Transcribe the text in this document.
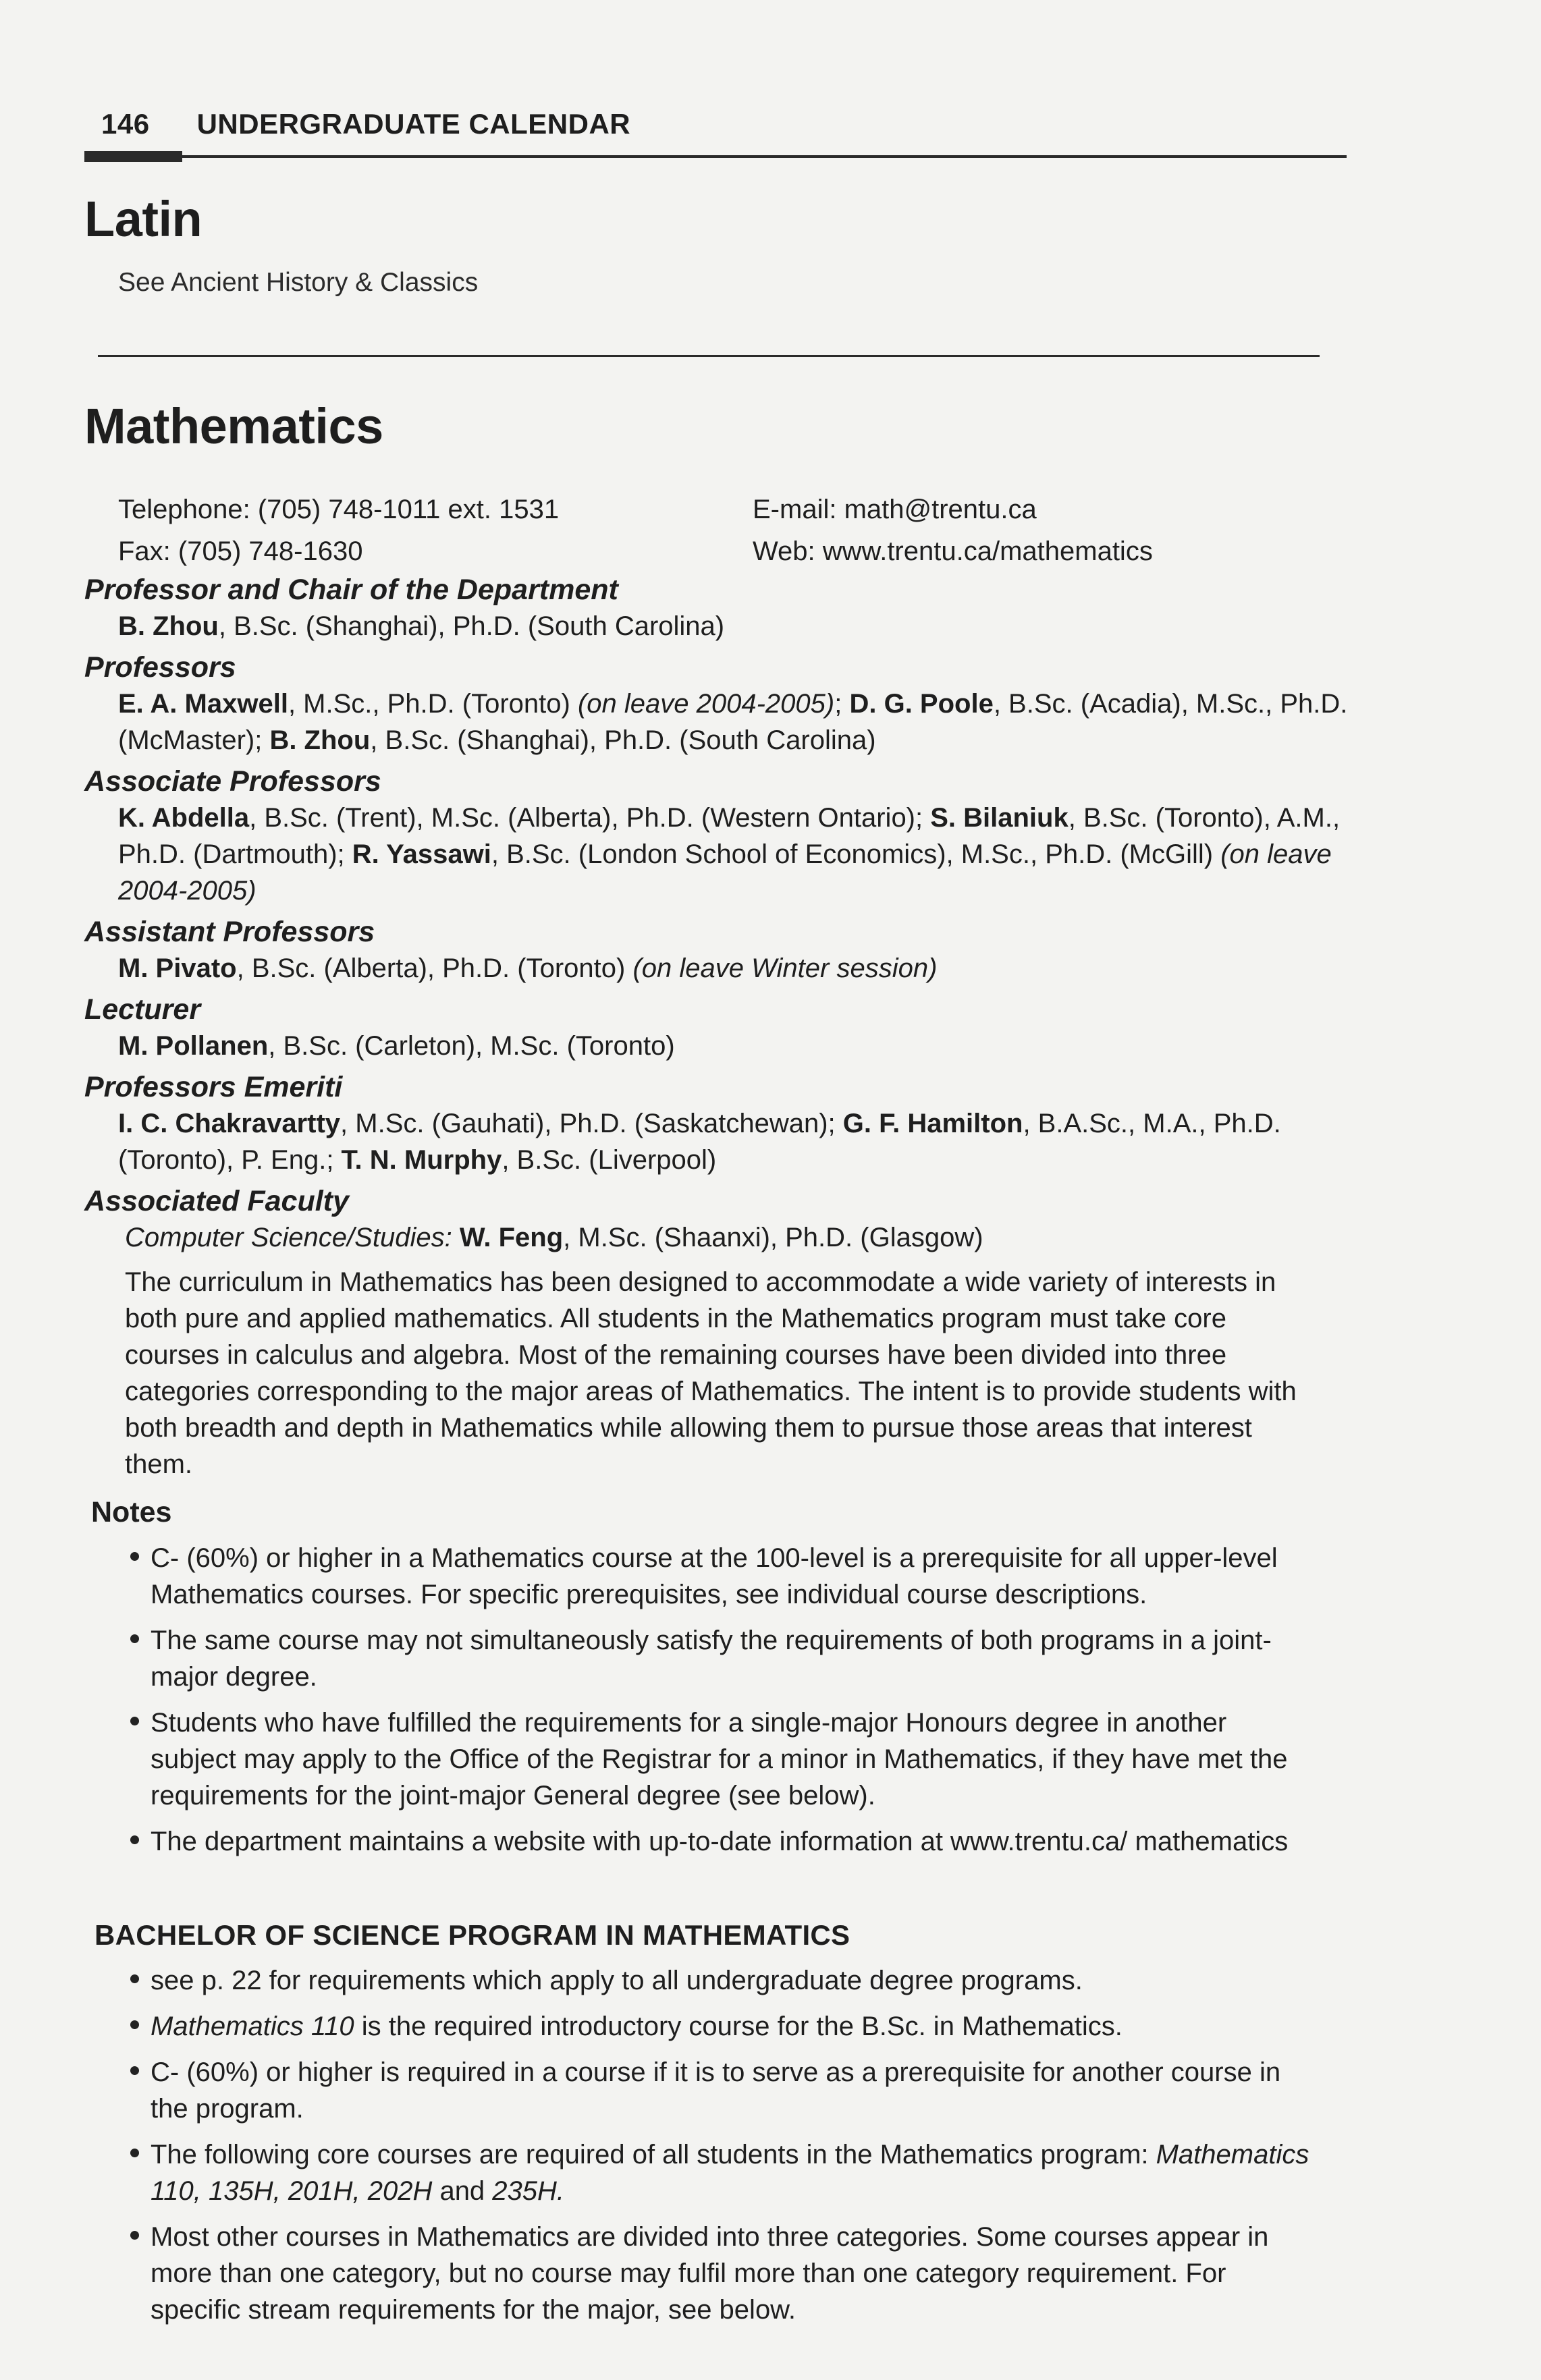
146 UNDERGRADUATE CALENDAR
Latin
See Ancient History & Classics
Mathematics
Telephone: (705) 748-1011 ext. 1531
Fax: (705) 748-1630
E-mail: math@trentu.ca
Web: www.trentu.ca/mathematics
Professor and Chair of the Department
B. Zhou, B.Sc. (Shanghai), Ph.D. (South Carolina)
Professors
E. A. Maxwell, M.Sc., Ph.D. (Toronto) (on leave 2004-2005); D. G. Poole, B.Sc. (Acadia), M.Sc., Ph.D. (McMaster); B. Zhou, B.Sc. (Shanghai), Ph.D. (South Carolina)
Associate Professors
K. Abdella, B.Sc. (Trent), M.Sc. (Alberta), Ph.D. (Western Ontario); S. Bilaniuk, B.Sc. (Toronto), A.M., Ph.D. (Dartmouth); R. Yassawi, B.Sc. (London School of Economics), M.Sc., Ph.D. (McGill) (on leave 2004-2005)
Assistant Professors
M. Pivato, B.Sc. (Alberta), Ph.D. (Toronto) (on leave Winter session)
Lecturer
M. Pollanen, B.Sc. (Carleton), M.Sc. (Toronto)
Professors Emeriti
I. C. Chakravartty, M.Sc. (Gauhati), Ph.D. (Saskatchewan); G. F. Hamilton, B.A.Sc., M.A., Ph.D. (Toronto), P. Eng.; T. N. Murphy, B.Sc. (Liverpool)
Associated Faculty
Computer Science/Studies: W. Feng, M.Sc. (Shaanxi), Ph.D. (Glasgow)
The curriculum in Mathematics has been designed to accommodate a wide variety of interests in both pure and applied mathematics. All students in the Mathematics program must take core courses in calculus and algebra. Most of the remaining courses have been divided into three categories corresponding to the major areas of Mathematics. The intent is to provide students with both breadth and depth in Mathematics while allowing them to pursue those areas that interest them.
Notes
C- (60%) or higher in a Mathematics course at the 100-level is a prerequisite for all upper-level Mathematics courses. For specific prerequisites, see individual course descriptions.
The same course may not simultaneously satisfy the requirements of both programs in a joint-major degree.
Students who have fulfilled the requirements for a single-major Honours degree in another subject may apply to the Office of the Registrar for a minor in Mathematics, if they have met the requirements for the joint-major General degree (see below).
The department maintains a website with up-to-date information at www.trentu.ca/ mathematics
BACHELOR OF SCIENCE PROGRAM IN MATHEMATICS
see p. 22 for requirements which apply to all undergraduate degree programs.
Mathematics 110 is the required introductory course for the B.Sc. in Mathematics.
C- (60%) or higher is required in a course if it is to serve as a prerequisite for another course in the program.
The following core courses are required of all students in the Mathematics program: Mathematics 110, 135H, 201H, 202H and 235H.
Most other courses in Mathematics are divided into three categories. Some courses appear in more than one category, but no course may fulfil more than one category requirement. For specific stream requirements for the major, see below.
